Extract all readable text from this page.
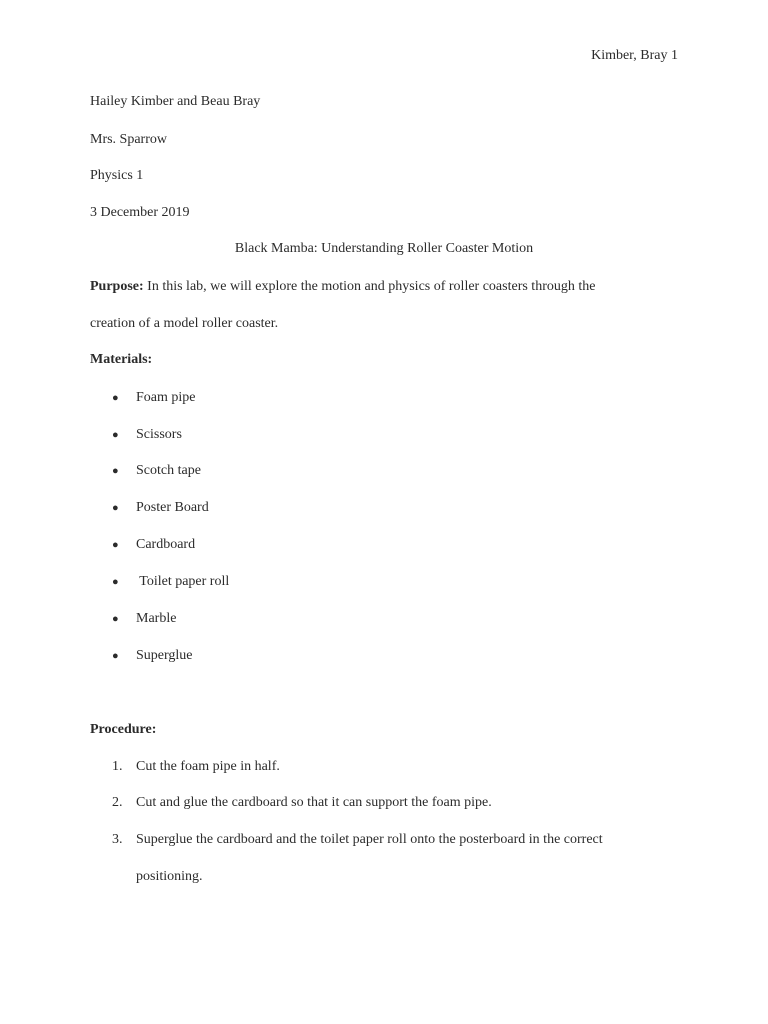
Kimber, Bray 1
Hailey Kimber and Beau Bray
Mrs. Sparrow
Physics 1
3 December 2019
Black Mamba: Understanding Roller Coaster Motion
Purpose: In this lab, we will explore the motion and physics of roller coasters through the
creation of a model roller coaster.
Materials:
● Foam pipe
● Scissors
● Scotch tape
● Poster Board
● Cardboard
● Toilet paper roll
● Marble
● Superglue
Procedure:
1. Cut the foam pipe in half.
2. Cut and glue the cardboard so that it can support the foam pipe.
3. Superglue the cardboard and the toilet paper roll onto the posterboard in the correct
positioning.
